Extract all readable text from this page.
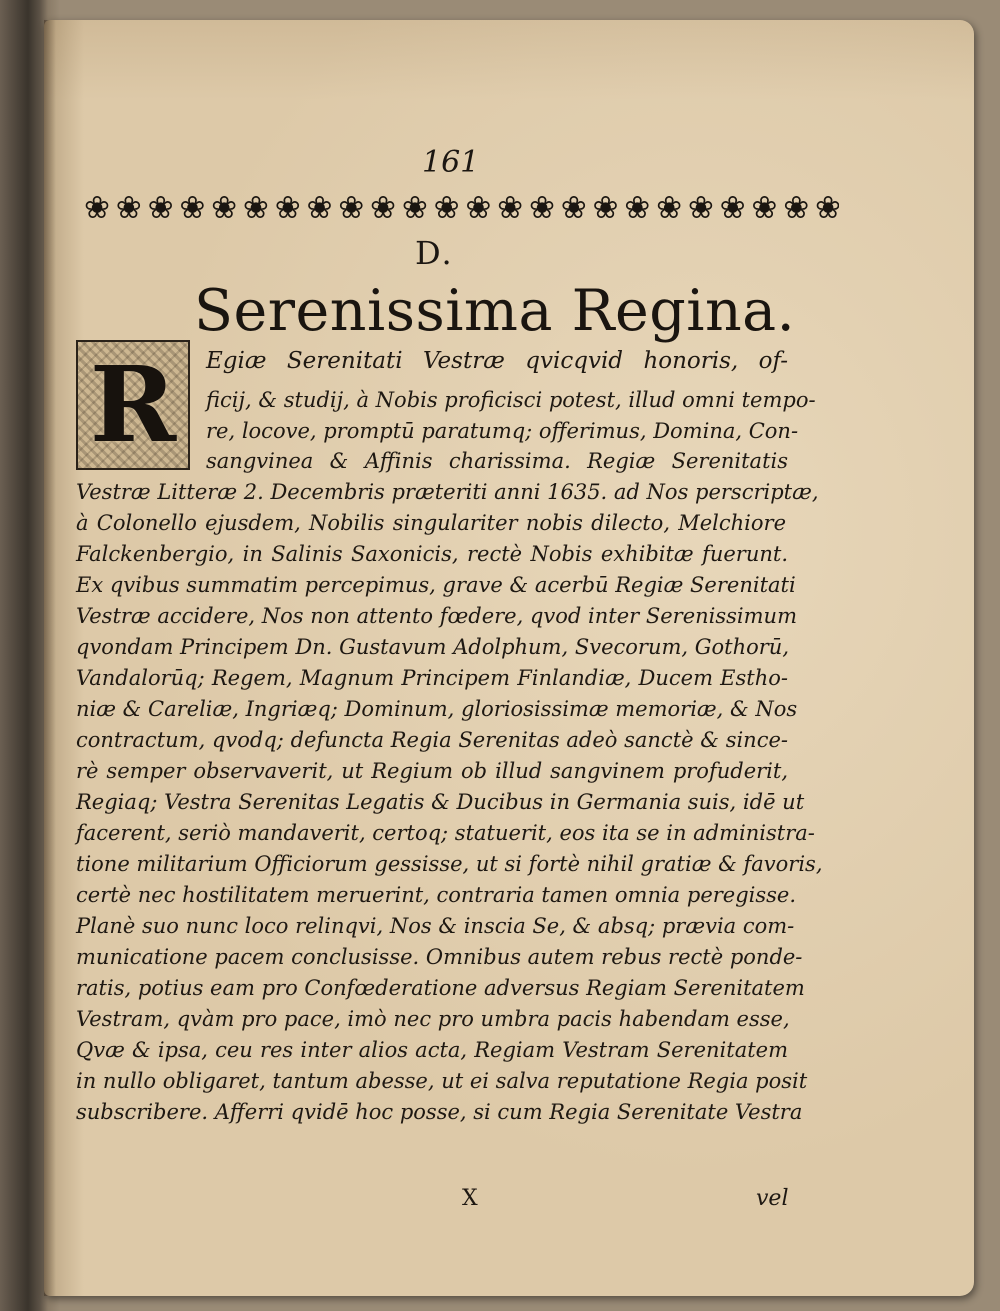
161
❀ ❀ ❀ ❀ ❀ ❀ ❀ ❀ ❀ ❀ ❀ ❀ ❀ ❀ ❀ ❀ ❀ ❀ ❀ ❀ ❀ ❀ ❀ ❀
D.
Serenissima Regina.
R Egiæ Serenitati Vestræ qvicqvid honoris, of-
ficij, & studij, à Nobis proficisci potest, illud omni tempo-
re, locove, promptū paratumq; offerimus, Domina, Con-
sangvinea & Affinis charissima. Regiæ Serenitatis
Vestræ Litteræ 2. Decembris præteriti anni 1635. ad Nos perscriptæ,
à Colonello ejusdem, Nobilis singulariter nobis dilecto, Melchiore
Falckenbergio, in Salinis Saxonicis, rectè Nobis exhibitæ fuerunt.
Ex qvibus summatim percepimus, grave & acerbū Regiæ Serenitati
Vestræ accidere, Nos non attento fœdere, qvod inter Serenissimum
qvondam Principem Dn. Gustavum Adolphum, Svecorum, Gothorū,
Vandalorūq; Regem, Magnum Principem Finlandiæ, Ducem Estho-
niæ & Careliæ, Ingriæq; Dominum, gloriosissimæ memoriæ, & Nos
contractum, qvodq; defuncta Regia Serenitas adeò sanctè & since-
rè semper observaverit, ut Regium ob illud sangvinem profuderit,
Regiaq; Vestra Serenitas Legatis & Ducibus in Germania suis, idē ut
facerent, seriò mandaverit, certoq; statuerit, eos ita se in administra-
tione militarium Officiorum gessisse, ut si fortè nihil gratiæ & favoris,
certè nec hostilitatem meruerint, contraria tamen omnia peregisse.
Planè suo nunc loco relinqvi, Nos & inscia Se, & absq; prævia com-
municatione pacem conclusisse. Omnibus autem rebus rectè ponde-
ratis, potius eam pro Confœderatione adversus Regiam Serenitatem
Vestram, qvàm pro pace, imò nec pro umbra pacis habendam esse,
Qvæ & ipsa, ceu res inter alios acta, Regiam Vestram Serenitatem
in nullo obligaret, tantum abesse, ut ei salva reputatione Regia posit
subscribere. Afferri qvidē hoc posse, si cum Regia Serenitate Vestra
X	vel
